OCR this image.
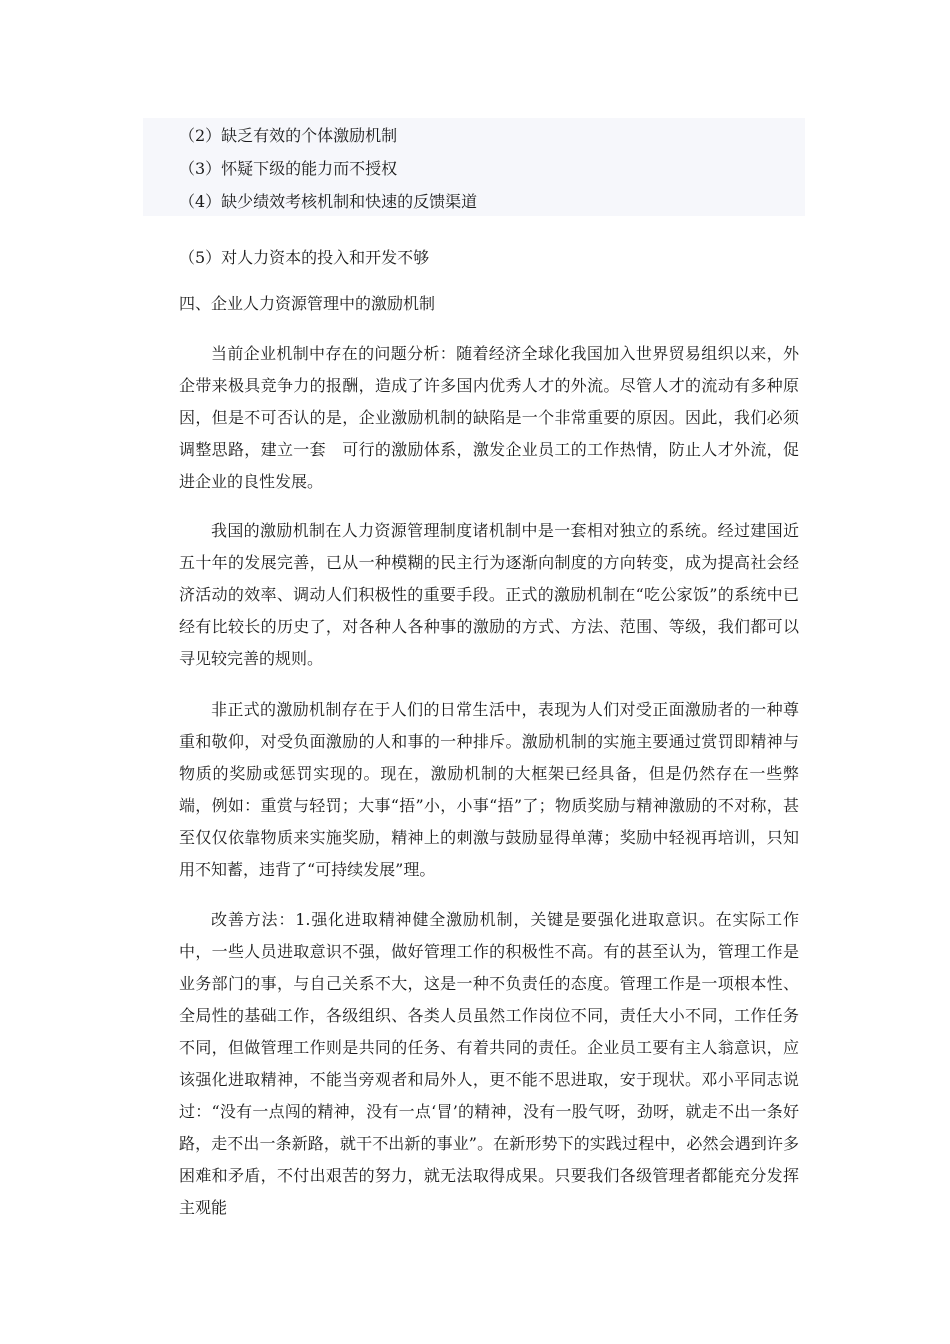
（2）缺乏有效的个体激励机制
（3）怀疑下级的能力而不授权
（4）缺少绩效考核机制和快速的反馈渠道
（5）对人力资本的投入和开发不够
四、企业人力资源管理中的激励机制

当前企业机制中存在的问题分析：随着经济全球化我国加入世界贸易组织以来，外企带来极具竞争力的报酬，造成了许多国内优秀人才的外流。尽管人才的流动有多种原因，但是不可否认的是，企业激励机制的缺陷是一个非常重要的原因。因此，我们必须调整思路，建立一套　可行的激励体系，激发企业员工的工作热情，防止人才外流，促进企业的良性发展。

我国的激励机制在人力资源管理制度诸机制中是一套相对独立的系统。经过建国近五十年的发展完善，已从一种模糊的民主行为逐渐向制度的方向转变，成为提高社会经济活动的效率、调动人们积极性的重要手段。正式的激励机制在“吃公家饭”的系统中已经有比较长的历史了，对各种人各种事的激励的方式、方法、范围、等级，我们都可以寻见较完善的规则。

非正式的激励机制存在于人们的日常生活中，表现为人们对受正面激励者的一种尊重和敬仰，对受负面激励的人和事的一种排斥。激励机制的实施主要通过赏罚即精神与物质的奖励或惩罚实现的。现在，激励机制的大框架已经具备，但是仍然存在一些弊端，例如：重赏与轻罚；大事“捂”小，小事“捂”了；物质奖励与精神激励的不对称，甚至仅仅依靠物质来实施奖励，精神上的刺激与鼓励显得单薄；奖励中轻视再培训，只知用不知蓄，违背了“可持续发展”理。

改善方法：1.强化进取精神健全激励机制，关键是要强化进取意识。在实际工作中，一些人员进取意识不强，做好管理工作的积极性不高。有的甚至认为，管理工作是业务部门的事，与自己关系不大，这是一种不负责任的态度。管理工作是一项根本性、全局性的基础工作，各级组织、各类人员虽然工作岗位不同，责任大小不同，工作任务不同，但做管理工作则是共同的任务、有着共同的责任。企业员工要有主人翁意识，应该强化进取精神，不能当旁观者和局外人，更不能不思进取，安于现状。邓小平同志说过：“没有一点闯的精神，没有一点‘冒’的精神，没有一股气呀，劲呀，就走不出一条好路，走不出一条新路，就干不出新的事业”。在新形势下的实践过程中，必然会遇到许多困难和矛盾，不付出艰苦的努力，就无法取得成果。只要我们各级管理者都能充分发挥主观能
